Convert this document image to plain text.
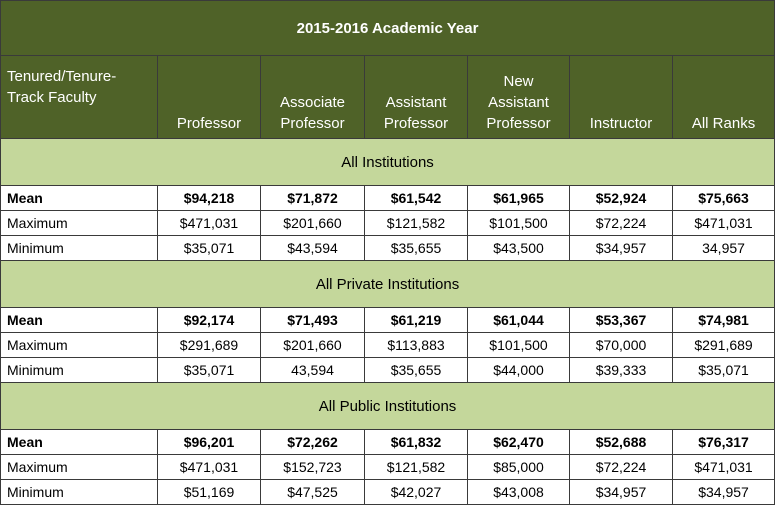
2015-2016 Academic Year						
Tenured/Tenure-Track Faculty	Professor	Associate Professor	Assistant Professor	New Assistant Professor	Instructor	All Ranks
All Institutions						
Mean	$94,218	$71,872	$61,542	$61,965	$52,924	$75,663
Maximum	$471,031	$201,660	$121,582	$101,500	$72,224	$471,031
Minimum	$35,071	$43,594	$35,655	$43,500	$34,957	34,957
All Private Institutions						
Mean	$92,174	$71,493	$61,219	$61,044	$53,367	$74,981
Maximum	$291,689	$201,660	$113,883	$101,500	$70,000	$291,689
Minimum	$35,071	43,594	$35,655	$44,000	$39,333	$35,071
All Public Institutions						
Mean	$96,201	$72,262	$61,832	$62,470	$52,688	$76,317
Maximum	$471,031	$152,723	$121,582	$85,000	$72,224	$471,031
Minimum	$51,169	$47,525	$42,027	$43,008	$34,957	$34,957
